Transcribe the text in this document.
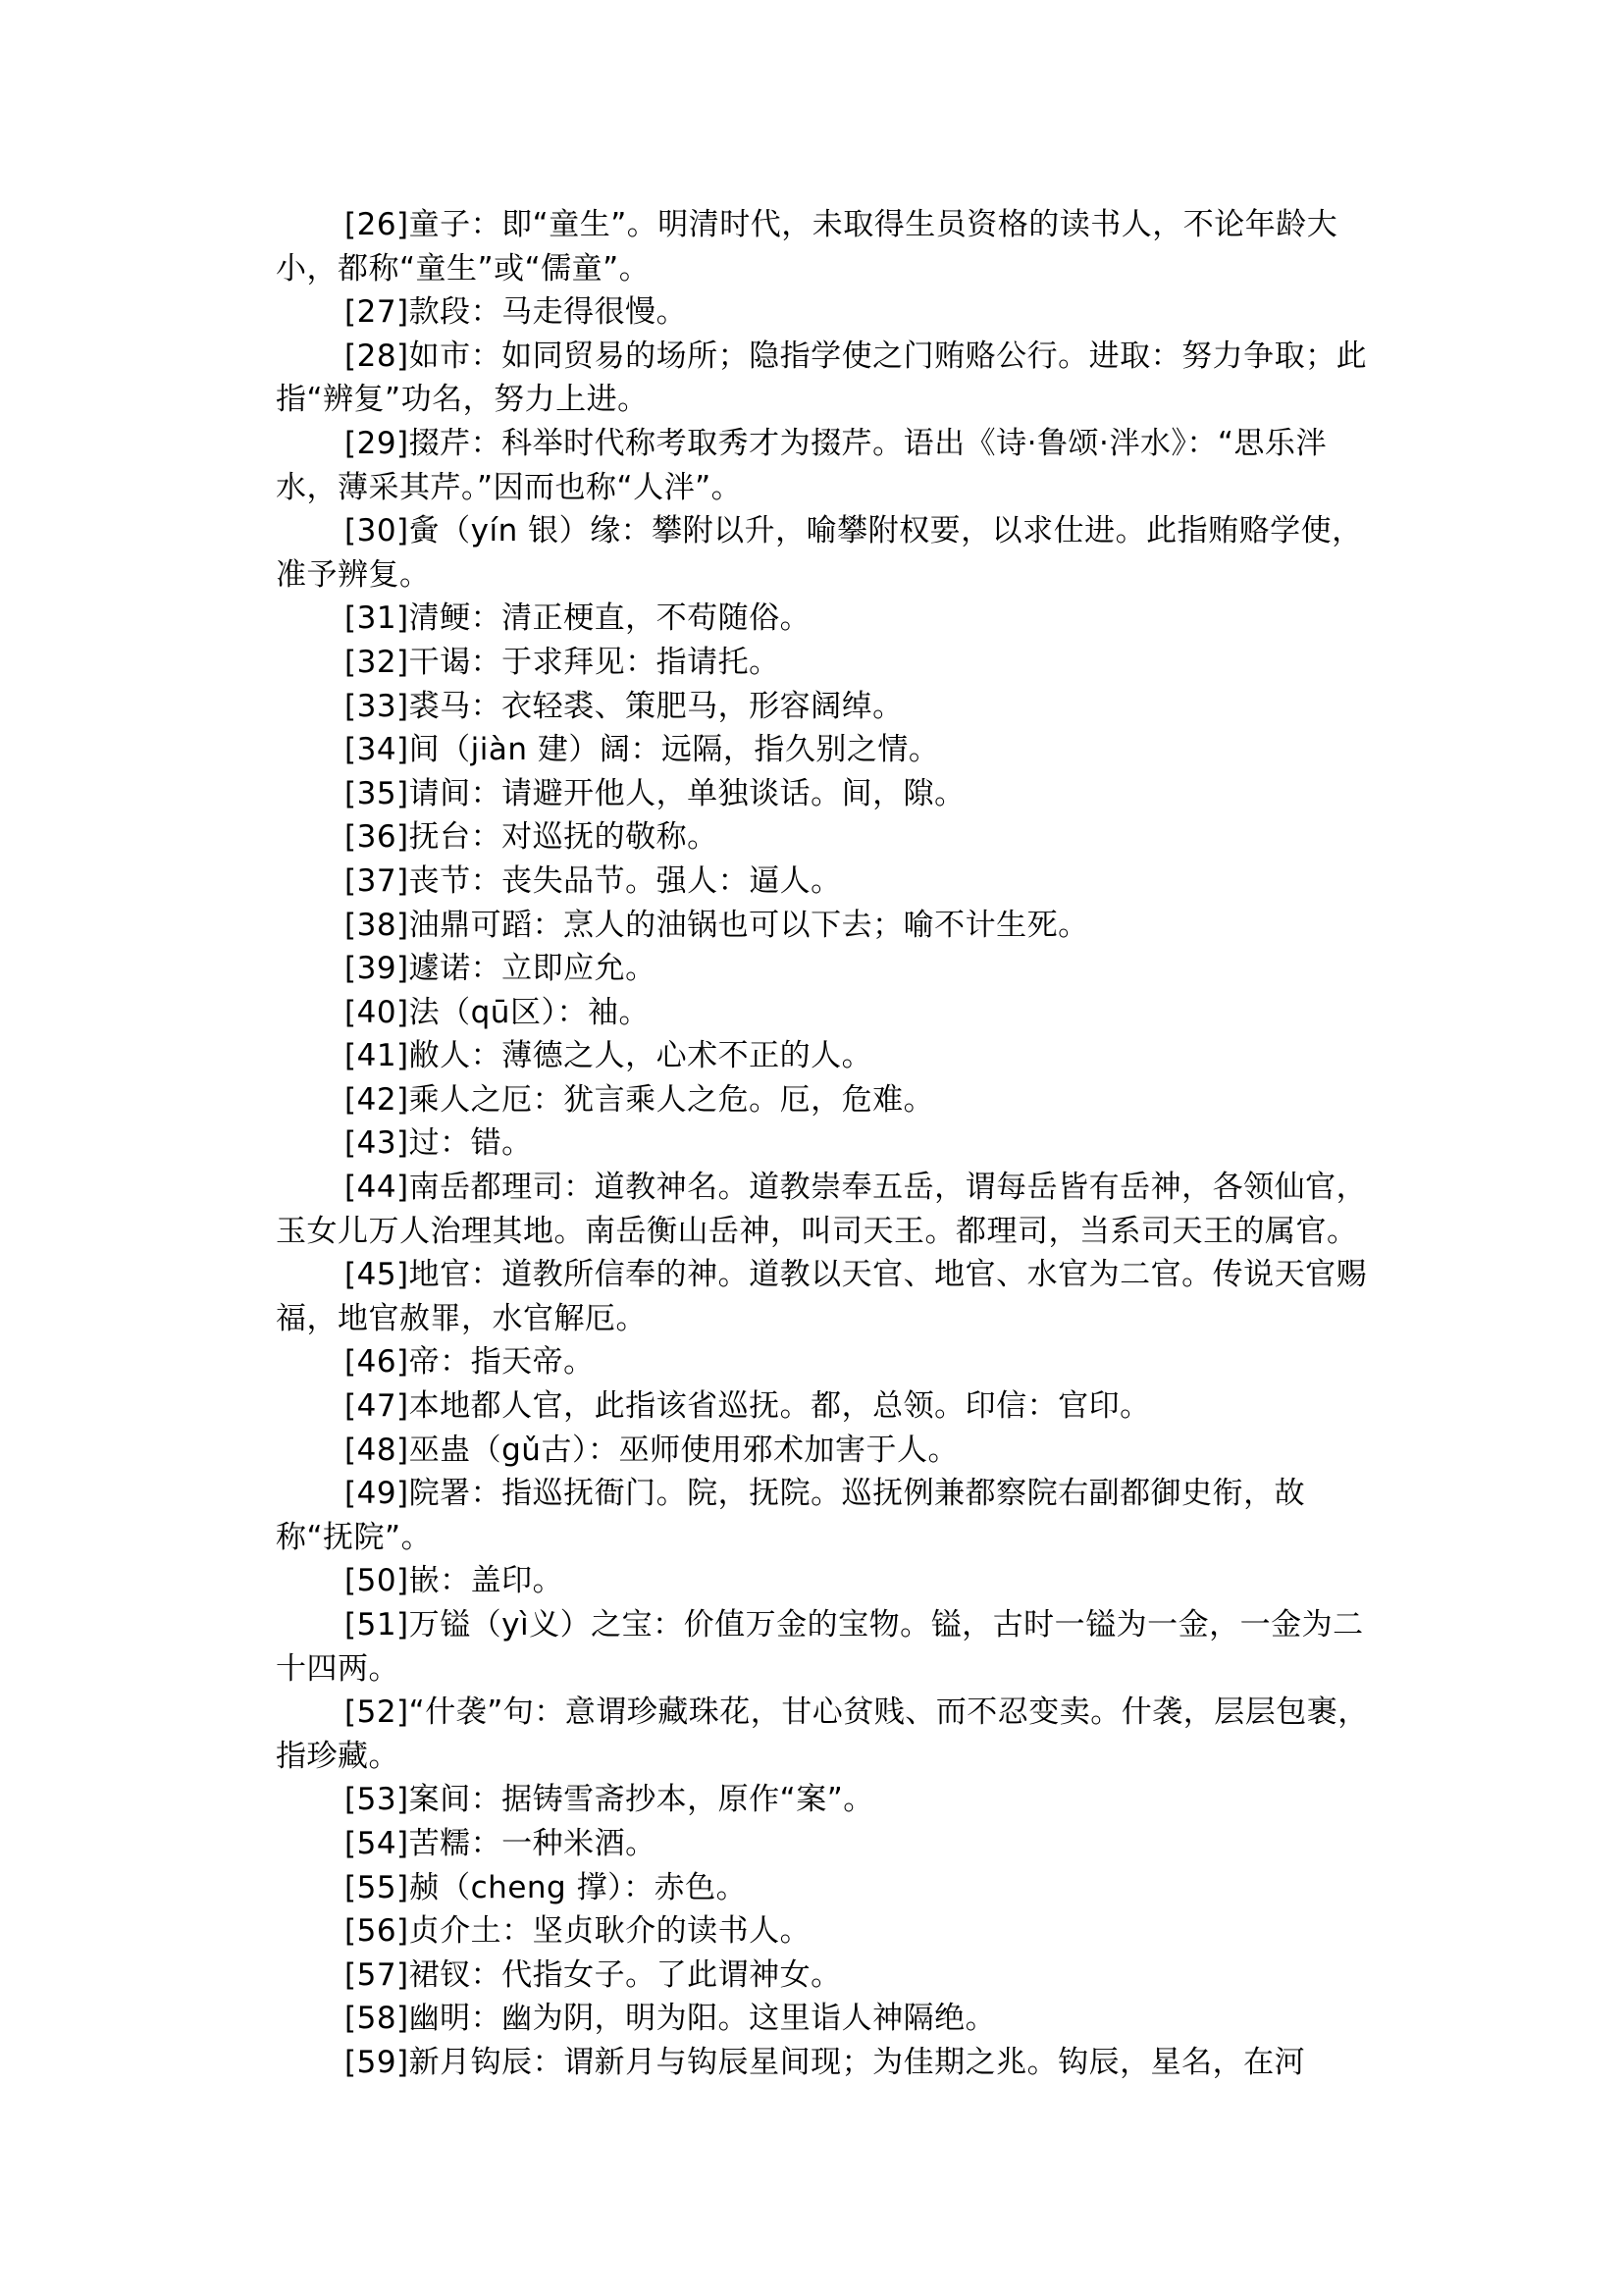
[26]童子：即“童生”。明清时代，未取得生员资格的读书人，不论年龄大小，都称“童生”或“儒童”。
[27]款段：马走得很慢。
[28]如市：如同贸易的场所；隐指学使之门贿赂公行。进取：努力争取；此指“辨复”功名，努力上进。
[29]掇芹：科举时代称考取秀才为掇芹。语出《诗·鲁颂·泮水》：“思乐泮水，薄采其芹。”因而也称“人泮”。
[30]夤（yín 银）缘：攀附以升，喻攀附权要，以求仕进。此指贿赂学使，准予辨复。
[31]清鲠：清正梗直，不苟随俗。
[32]干谒：于求拜见：指请托。
[33]裘马：衣轻裘、策肥马，形容阔绰。
[34]间（jiàn 建）阔：远隔，指久别之情。
[35]请间：请避开他人，单独谈话。间，隙。
[36]抚台：对巡抚的敬称。
[37]丧节：丧失品节。强人：逼人。
[38]油鼎可蹈：烹人的油锅也可以下去；喻不计生死。
[39]遽诺：立即应允。
[40]法（qū区）：袖。
[41]敝人：薄德之人，心术不正的人。
[42]乘人之厄：犹言乘人之危。厄，危难。
[43]过：错。
[44]南岳都理司：道教神名。道教崇奉五岳，谓每岳皆有岳神，各领仙官，玉女儿万人治理其地。南岳衡山岳神，叫司天王。都理司，当系司天王的属官。
[45]地官：道教所信奉的神。道教以天官、地官、水官为二官。传说天官赐福，地官赦罪，水官解厄。
[46]帝：指天帝。
[47]本地都人官，此指该省巡抚。都，总领。印信：官印。
[48]巫蛊（gǔ古）：巫师使用邪术加害于人。
[49]院署：指巡抚衙门。院，抚院。巡抚例兼都察院右副都御史衔，故称“抚院”。
[50]嵌：盖印。
[51]万镒（yì义）之宝：价值万金的宝物。镒，古时一镒为一金，一金为二十四两。
[52]“什袭”句：意谓珍藏珠花，甘心贫贱、而不忍变卖。什袭，层层包裹，指珍藏。
[53]案间：据铸雪斋抄本，原作“案”。
[54]苦糯：一种米酒。
[55]赪（cheng 撑）：赤色。
[56]贞介土：坚贞耿介的读书人。
[57]裙钗：代指女子。了此谓神女。
[58]幽明：幽为阴，明为阳。这里诣人神隔绝。
[59]新月钩辰：谓新月与钩辰星间现；为佳期之兆。钩辰，星名，在河
